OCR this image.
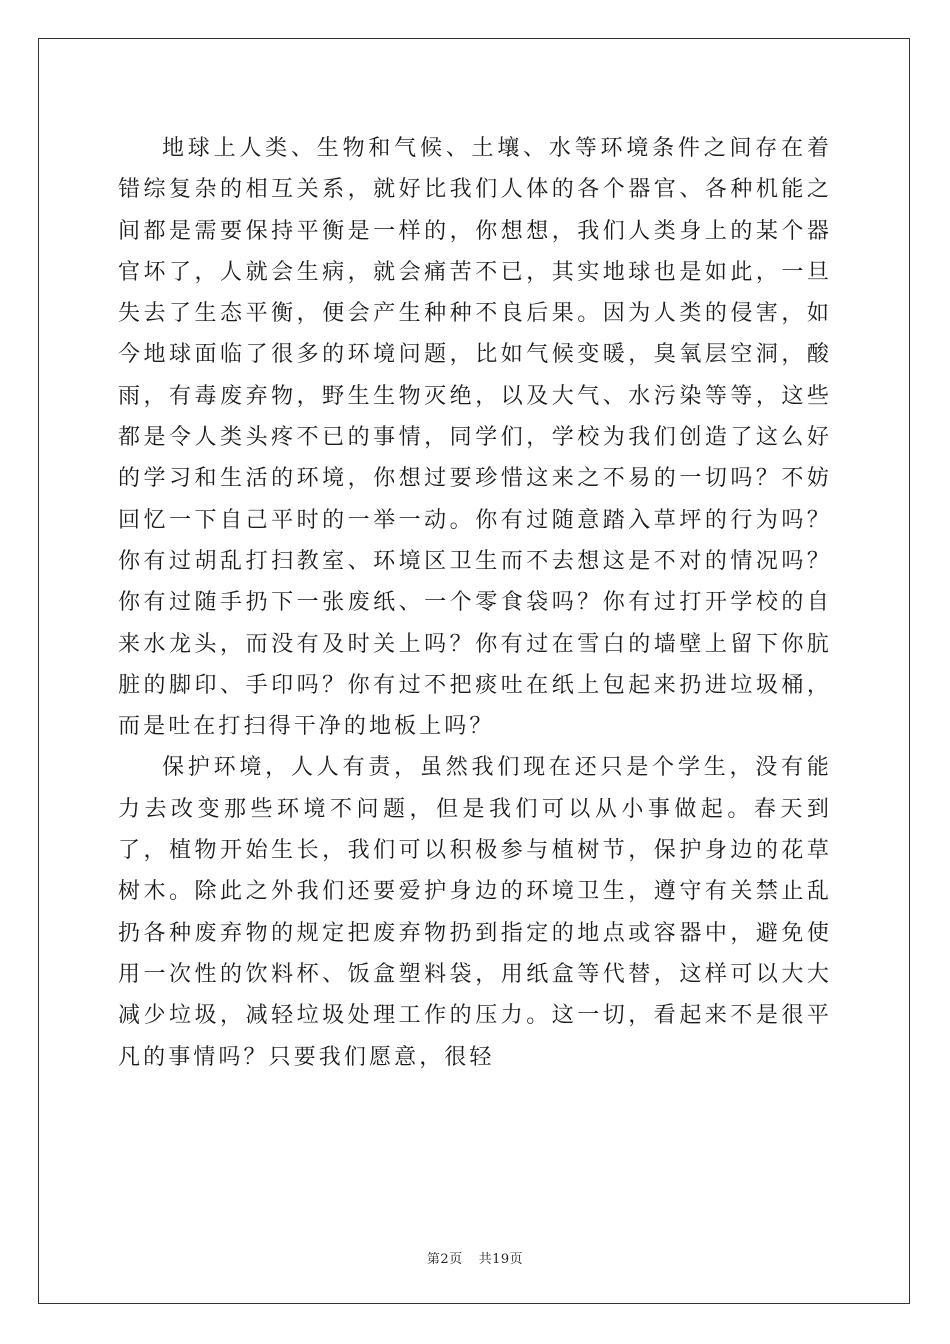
地球上人类、生物和气候、土壤、水等环境条件之间存在着错综复杂的相互关系，就好比我们人体的各个器官、各种机能之间都是需要保持平衡是一样的，你想想，我们人类身上的某个器官坏了，人就会生病，就会痛苦不已，其实地球也是如此，一旦失去了生态平衡，便会产生种种不良后果。因为人类的侵害，如今地球面临了很多的环境问题，比如气候变暖，臭氧层空洞，酸雨，有毒废弃物，野生生物灭绝，以及大气、水污染等等，这些都是令人类头疼不已的事情，同学们，学校为我们创造了这么好的学习和生活的环境，你想过要珍惜这来之不易的一切吗？不妨回忆一下自己平时的一举一动。你有过随意踏入草坪的行为吗？你有过胡乱打扫教室、环境区卫生而不去想这是不对的情况吗？你有过随手扔下一张废纸、一个零食袋吗？你有过打开学校的自来水龙头，而没有及时关上吗？你有过在雪白的墙壁上留下你肮脏的脚印、手印吗？你有过不把痰吐在纸上包起来扔进垃圾桶，而是吐在打扫得干净的地板上吗？

保护环境，人人有责，虽然我们现在还只是个学生，没有能力去改变那些环境不问题，但是我们可以从小事做起。春天到了，植物开始生长，我们可以积极参与植树节，保护身边的花草树木。除此之外我们还要爱护身边的环境卫生，遵守有关禁止乱扔各种废弃物的规定把废弃物扔到指定的地点或容器中，避免使用一次性的饮料杯、饭盒塑料袋，用纸盒等代替，这样可以大大减少垃圾，减轻垃圾处理工作的压力。这一切，看起来不是很平凡的事情吗？只要我们愿意，很轻

第2页 共19页
